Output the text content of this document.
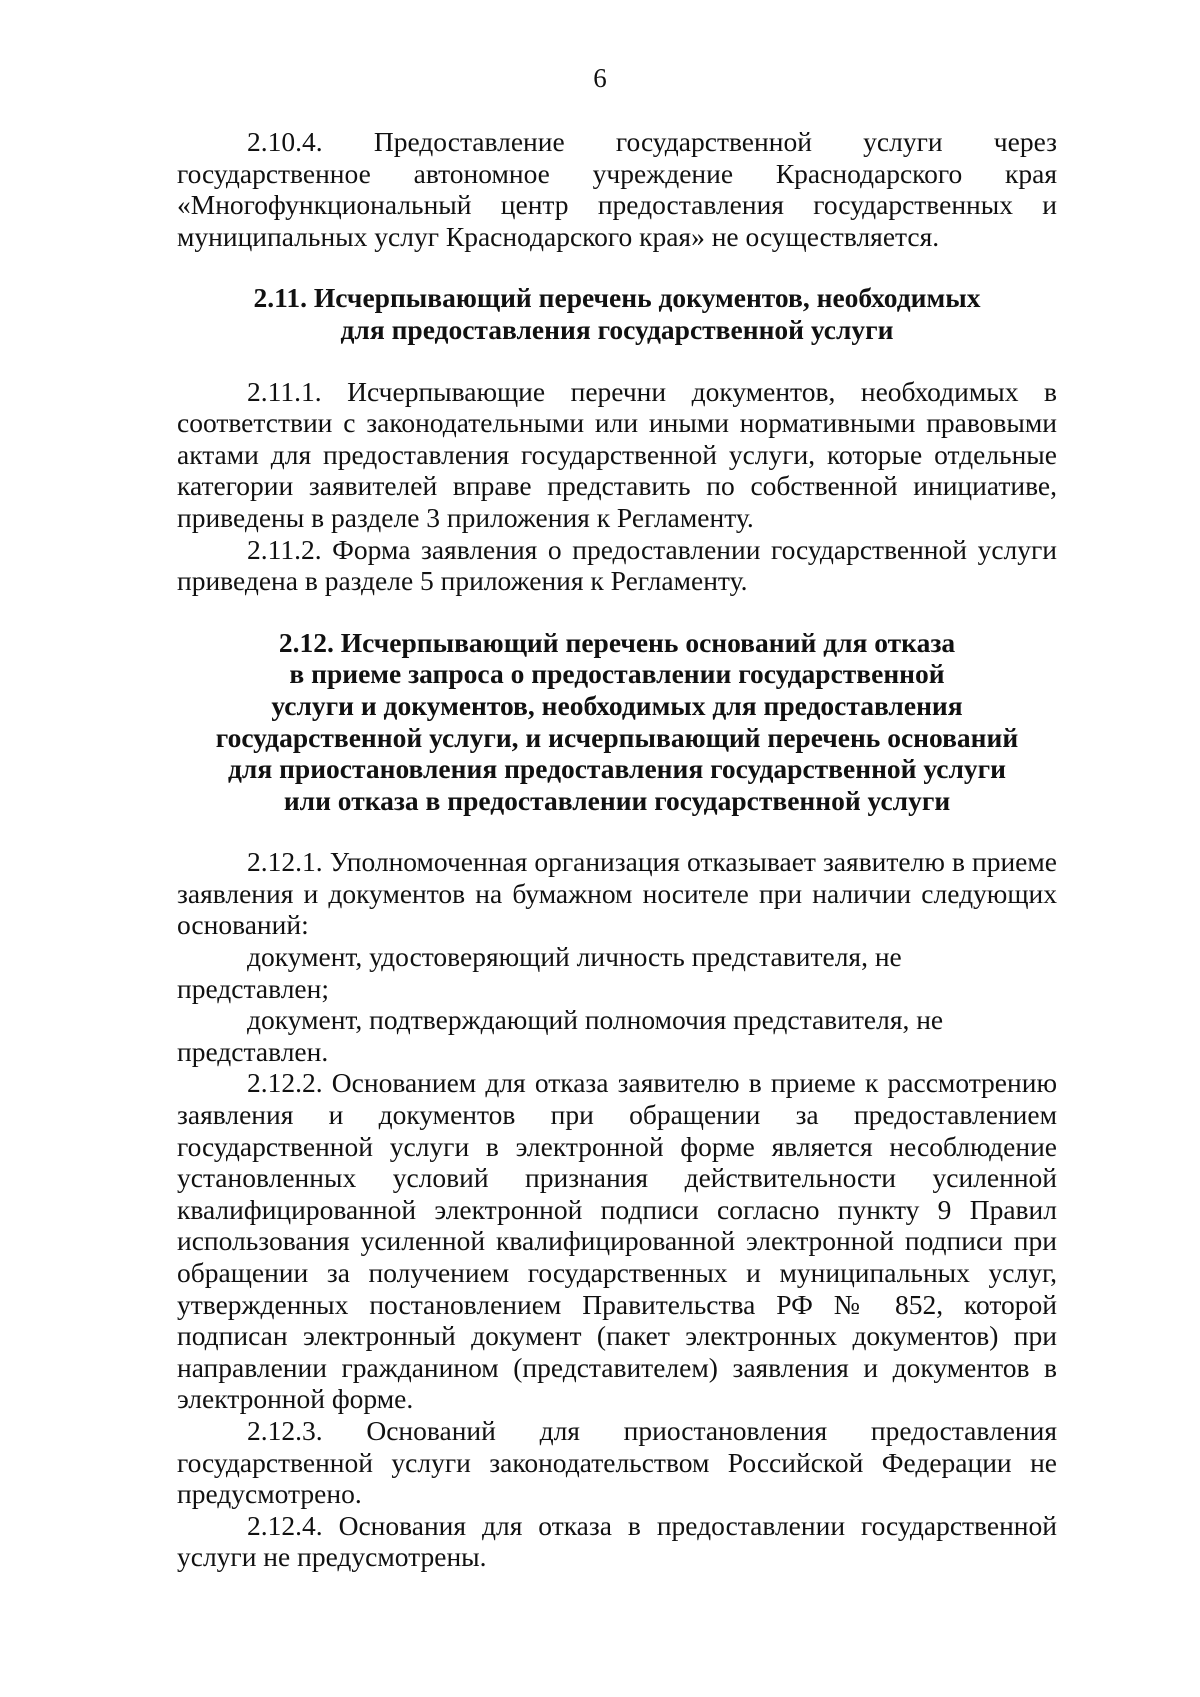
6

2.10.4. Предоставление государственной услуги через государственное автономное учреждение Краснодарского края «Многофункциональный центр предоставления государственных и муниципальных услуг Краснодарского края» не осуществляется.

2.11. Исчерпывающий перечень документов, необходимых
для предоставления государственной услуги

2.11.1. Исчерпывающие перечни документов, необходимых в соответствии с законодательными или иными нормативными правовыми актами для предоставления государственной услуги, которые отдельные категории заявителей вправе представить по собственной инициативе, приведены в разделе 3 приложения к Регламенту.

2.11.2. Форма заявления о предоставлении государственной услуги приведена в разделе 5 приложения к Регламенту.

2.12. Исчерпывающий перечень оснований для отказа
в приеме запроса о предоставлении государственной
услуги и документов, необходимых для предоставления
государственной услуги, и исчерпывающий перечень оснований
для приостановления предоставления государственной услуги
или отказа в предоставлении государственной услуги

2.12.1. Уполномоченная организация отказывает заявителю в приеме заявления и документов на бумажном носителе при наличии следующих оснований:

документ, удостоверяющий личность представителя, не представлен;

документ, подтверждающий полномочия представителя, не представлен.

2.12.2. Основанием для отказа заявителю в приеме к рассмотрению заявления и документов при обращении за предоставлением государственной услуги в электронной форме является несоблюдение установленных условий признания действительности усиленной квалифицированной электронной подписи согласно пункту 9 Правил использования усиленной квалифицированной электронной подписи при обращении за получением государственных и муниципальных услуг, утвержденных постановлением Правительства РФ № 852, которой подписан электронный документ (пакет электронных документов) при направлении гражданином (представителем) заявления и документов в электронной форме.

2.12.3. Оснований для приостановления предоставления государственной услуги законодательством Российской Федерации не предусмотрено.

2.12.4. Основания для отказа в предоставлении государственной услуги не предусмотрены.
